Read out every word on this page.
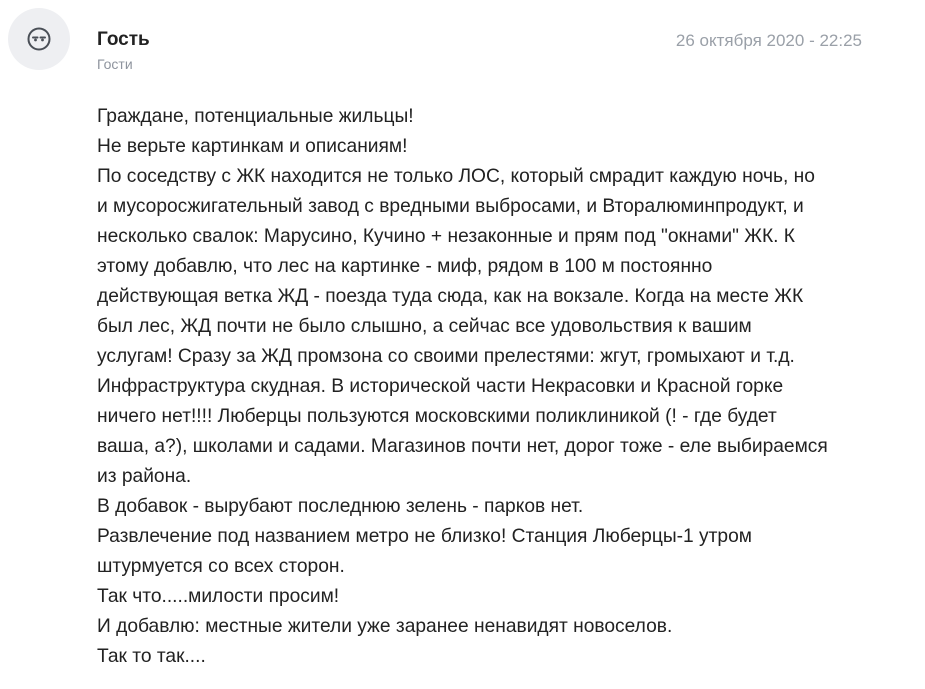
Гость
Гости
26 октября 2020 - 22:25
Граждане, потенциальные жильцы!
Не верьте картинкам и описаниям!
По соседству с ЖК находится не только ЛОС, который смрадит каждую ночь, но
и мусоросжигательный завод с вредными выбросами, и Вторалюминпродукт, и
несколько свалок: Марусино, Кучино + незаконные и прям под "окнами" ЖК. К
этому добавлю, что лес на картинке - миф, рядом в 100 м постоянно
действующая ветка ЖД - поезда туда сюда, как на вокзале. Когда на месте ЖК
был лес, ЖД почти не было слышно, а сейчас все удовольствия к вашим
услугам! Сразу за ЖД промзона со своими прелестями: жгут, громыхают и т.д.
Инфраструктура скудная. В исторической части Некрасовки и Красной горке
ничего нет!!!! Люберцы пользуются московскими поликлиникой (! - где будет
ваша, а?), школами и садами. Магазинов почти нет, дорог тоже - еле выбираемся
из района.
В добавок - вырубают последнюю зелень - парков нет.
Развлечение под названием метро не близко! Станция Люберцы-1 утром
штурмуется со всех сторон.
Так что.....милости просим!
И добавлю: местные жители уже заранее ненавидят новоселов.
Так то так....
